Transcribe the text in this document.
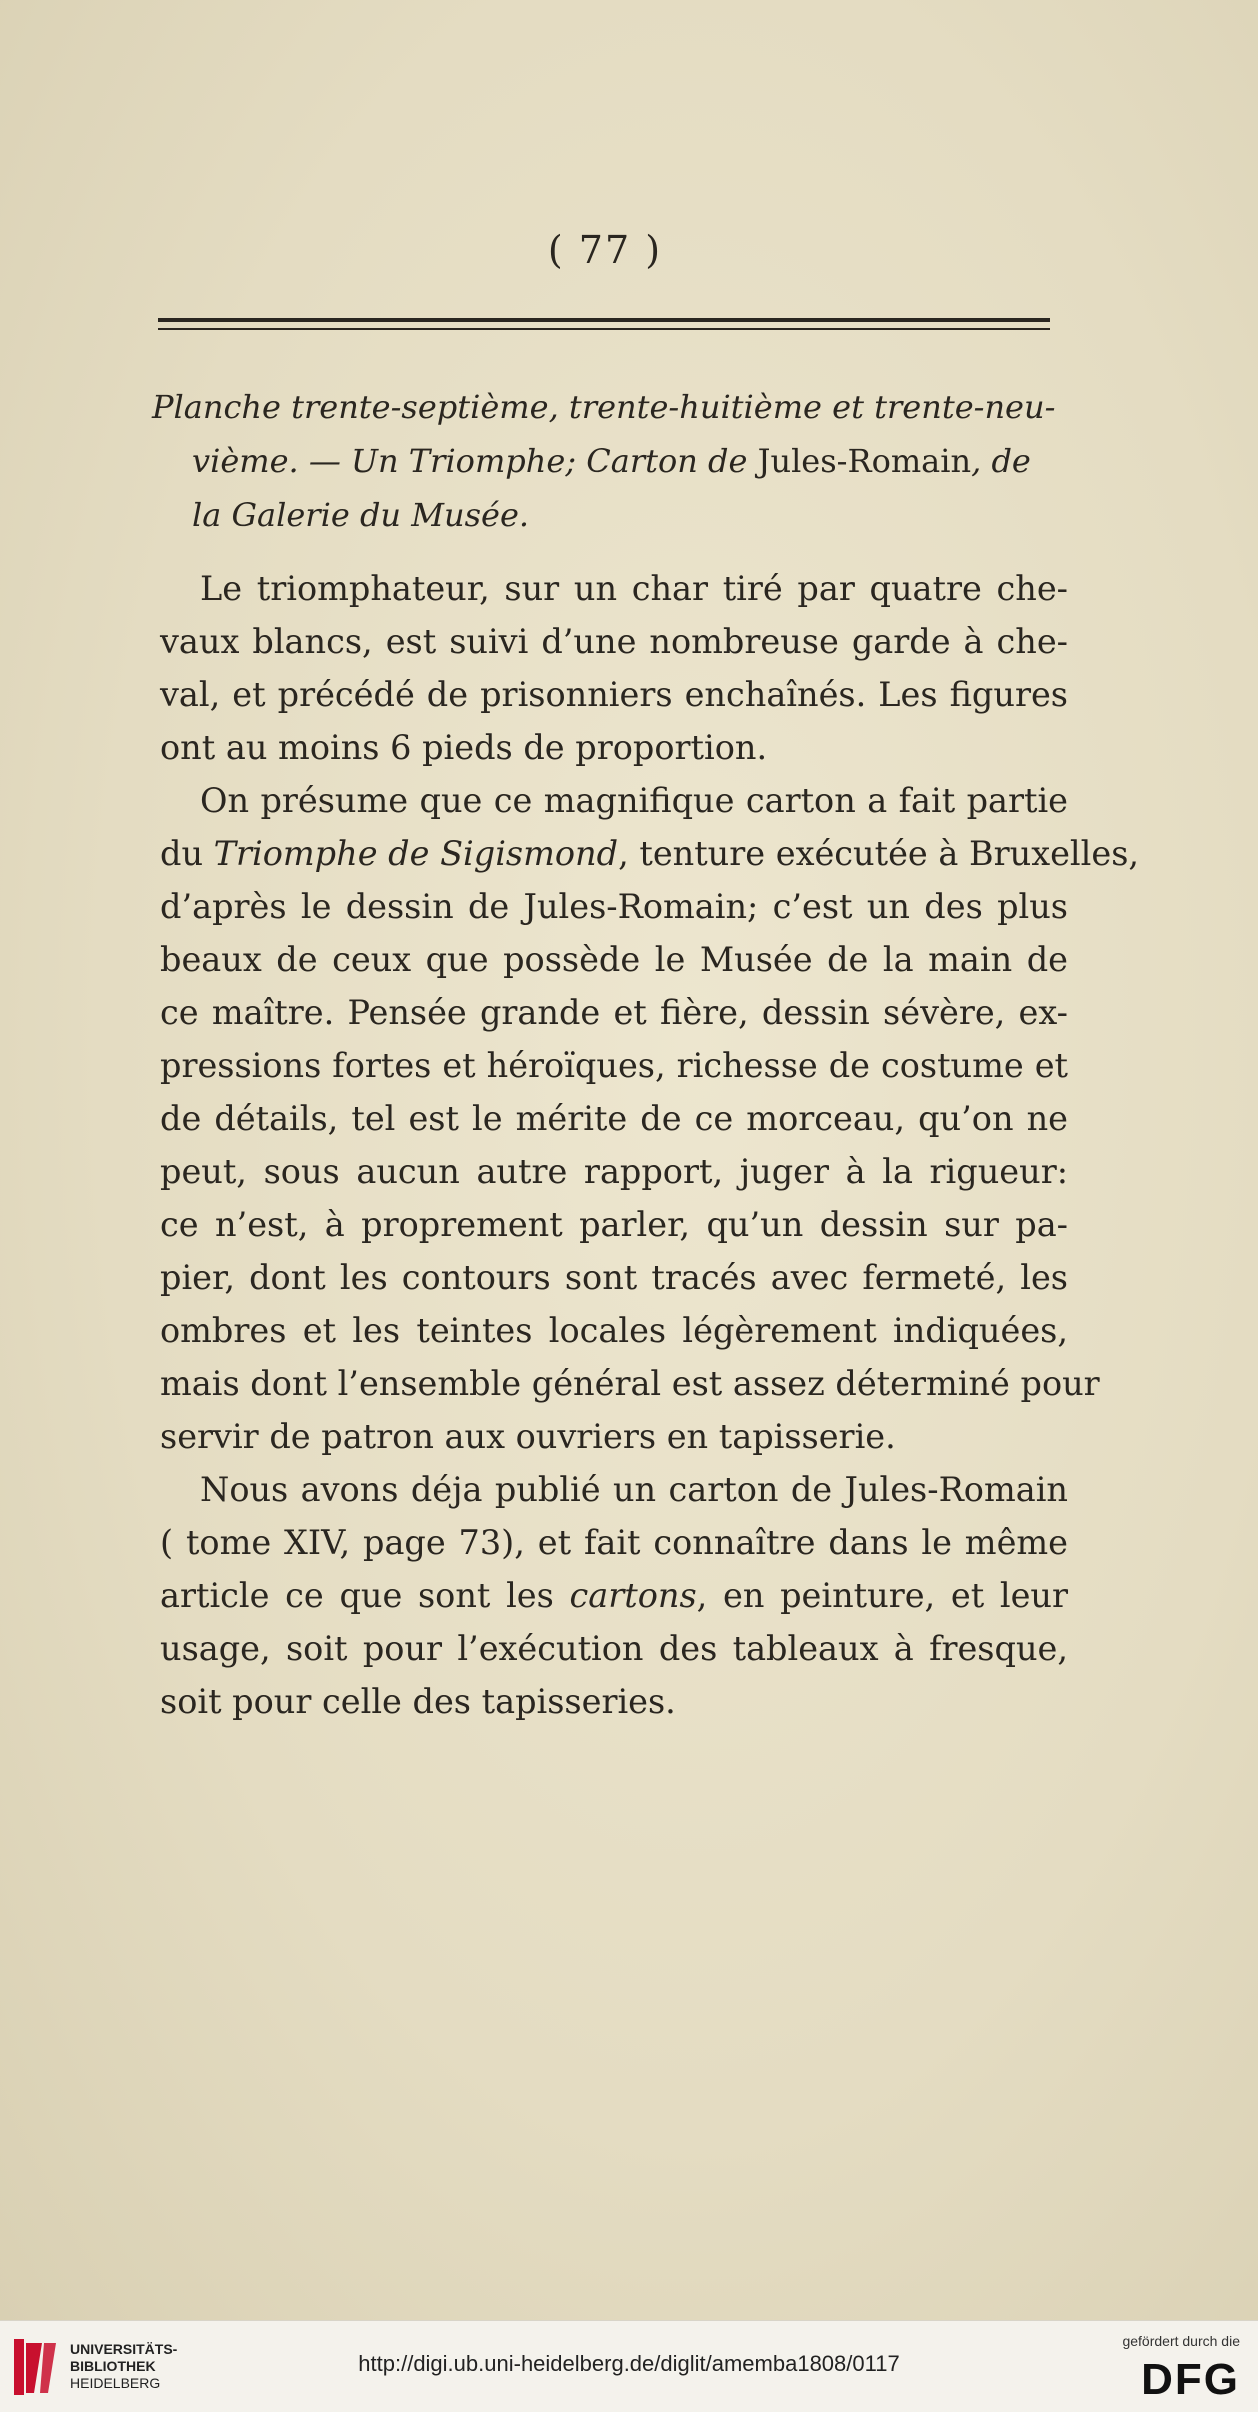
( 77 )
Planche trente-septième, trente-huitième et trente-neu-
vième. — Un Triomphe; Carton de Jules-Romain, de
la Galerie du Musée.
Le triomphateur, sur un char tiré par quatre che-
vaux blancs, est suivi d’une nombreuse garde à che-
val, et précédé de prisonniers enchaînés. Les figures
ont au moins 6 pieds de proportion.
On présume que ce magnifique carton a fait partie
du Triomphe de Sigismond, tenture exécutée à Bruxelles,
d’après le dessin de Jules-Romain; c’est un des plus
beaux de ceux que possède le Musée de la main de
ce maître. Pensée grande et fière, dessin sévère, ex-
pressions fortes et héroïques, richesse de costume et
de détails, tel est le mérite de ce morceau, qu’on ne
peut, sous aucun autre rapport, juger à la rigueur:
ce n’est, à proprement parler, qu’un dessin sur pa-
pier, dont les contours sont tracés avec fermeté, les
ombres et les teintes locales légèrement indiquées,
mais dont l’ensemble général est assez déterminé pour
servir de patron aux ouvriers en tapisserie.
Nous avons déja publié un carton de Jules-Romain
( tome XIV, page 73), et fait connaître dans le même
article ce que sont les cartons, en peinture, et leur
usage, soit pour l’exécution des tableaux à fresque,
soit pour celle des tapisseries.
UNIVERSITÄTS-
BIBLIOTHEK
HEIDELBERG
http://digi.ub.uni-heidelberg.de/diglit/amemba1808/0117
gefördert durch die
DFG
